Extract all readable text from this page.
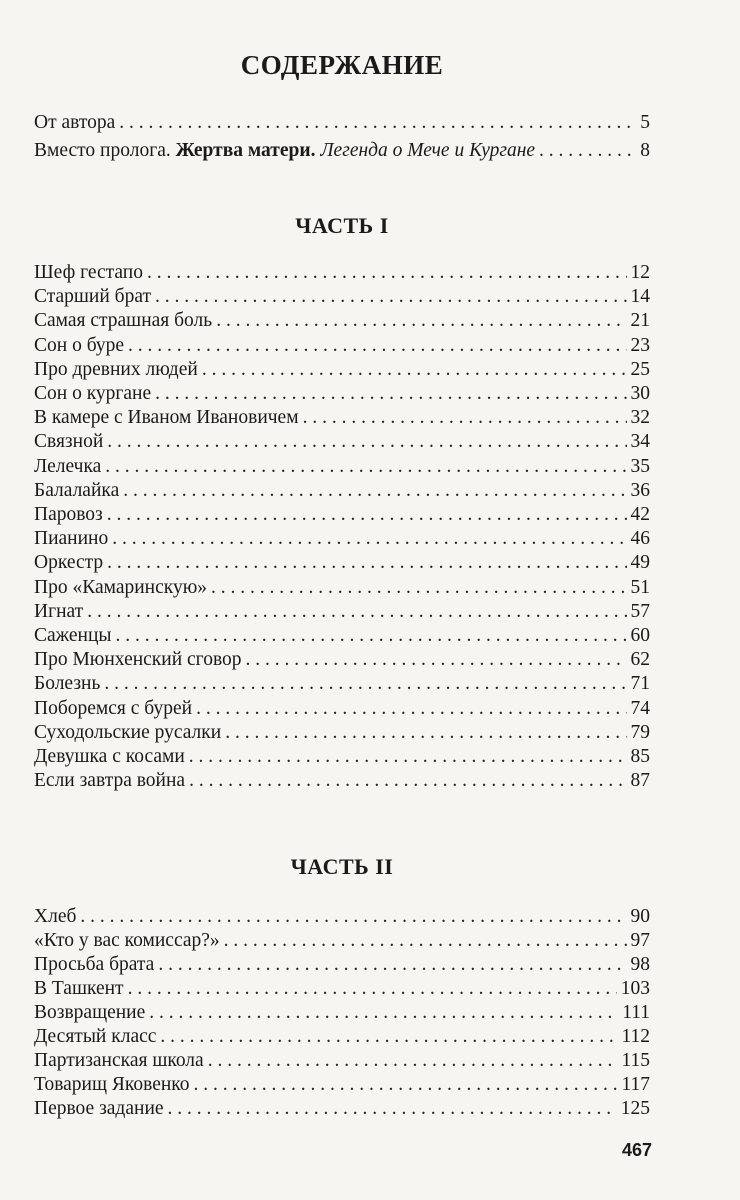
СОДЕРЖАНИЕ
От автора . . .	5
Вместо пролога. Жертва матери. Легенда о Мече и Кургане . . .	8
ЧАСТЬ I
Шеф гестапо . . .	12
Старший брат . . .	14
Самая страшная боль . . .	21
Сон о буре . . .	23
Про древних людей . . .	25
Сон о кургане . . .	30
В камере с Иваном Ивановичем . . .	32
Связной . . .	34
Лелечка . . .	35
Балалайка . . .	36
Паровоз . . .	42
Пианино . . .	46
Оркестр . . .	49
Про «Камаринскую» . . .	51
Игнат . . .	57
Саженцы . . .	60
Про Мюнхенский сговор . . .	62
Болезнь . . .	71
Поборемся с бурей . . .	74
Суходольские русалки . . .	79
Девушка с косами . . .	85
Если завтра война . . .	87
ЧАСТЬ II
Хлеб . . .	90
«Кто у вас комиссар?» . . .	97
Просьба брата . . .	98
В Ташкент . . .	103
Возвращение . . .	111
Десятый класс . . .	112
Партизанская школа . . .	115
Товарищ Яковенко . . .	117
Первое задание . . .	125
467
